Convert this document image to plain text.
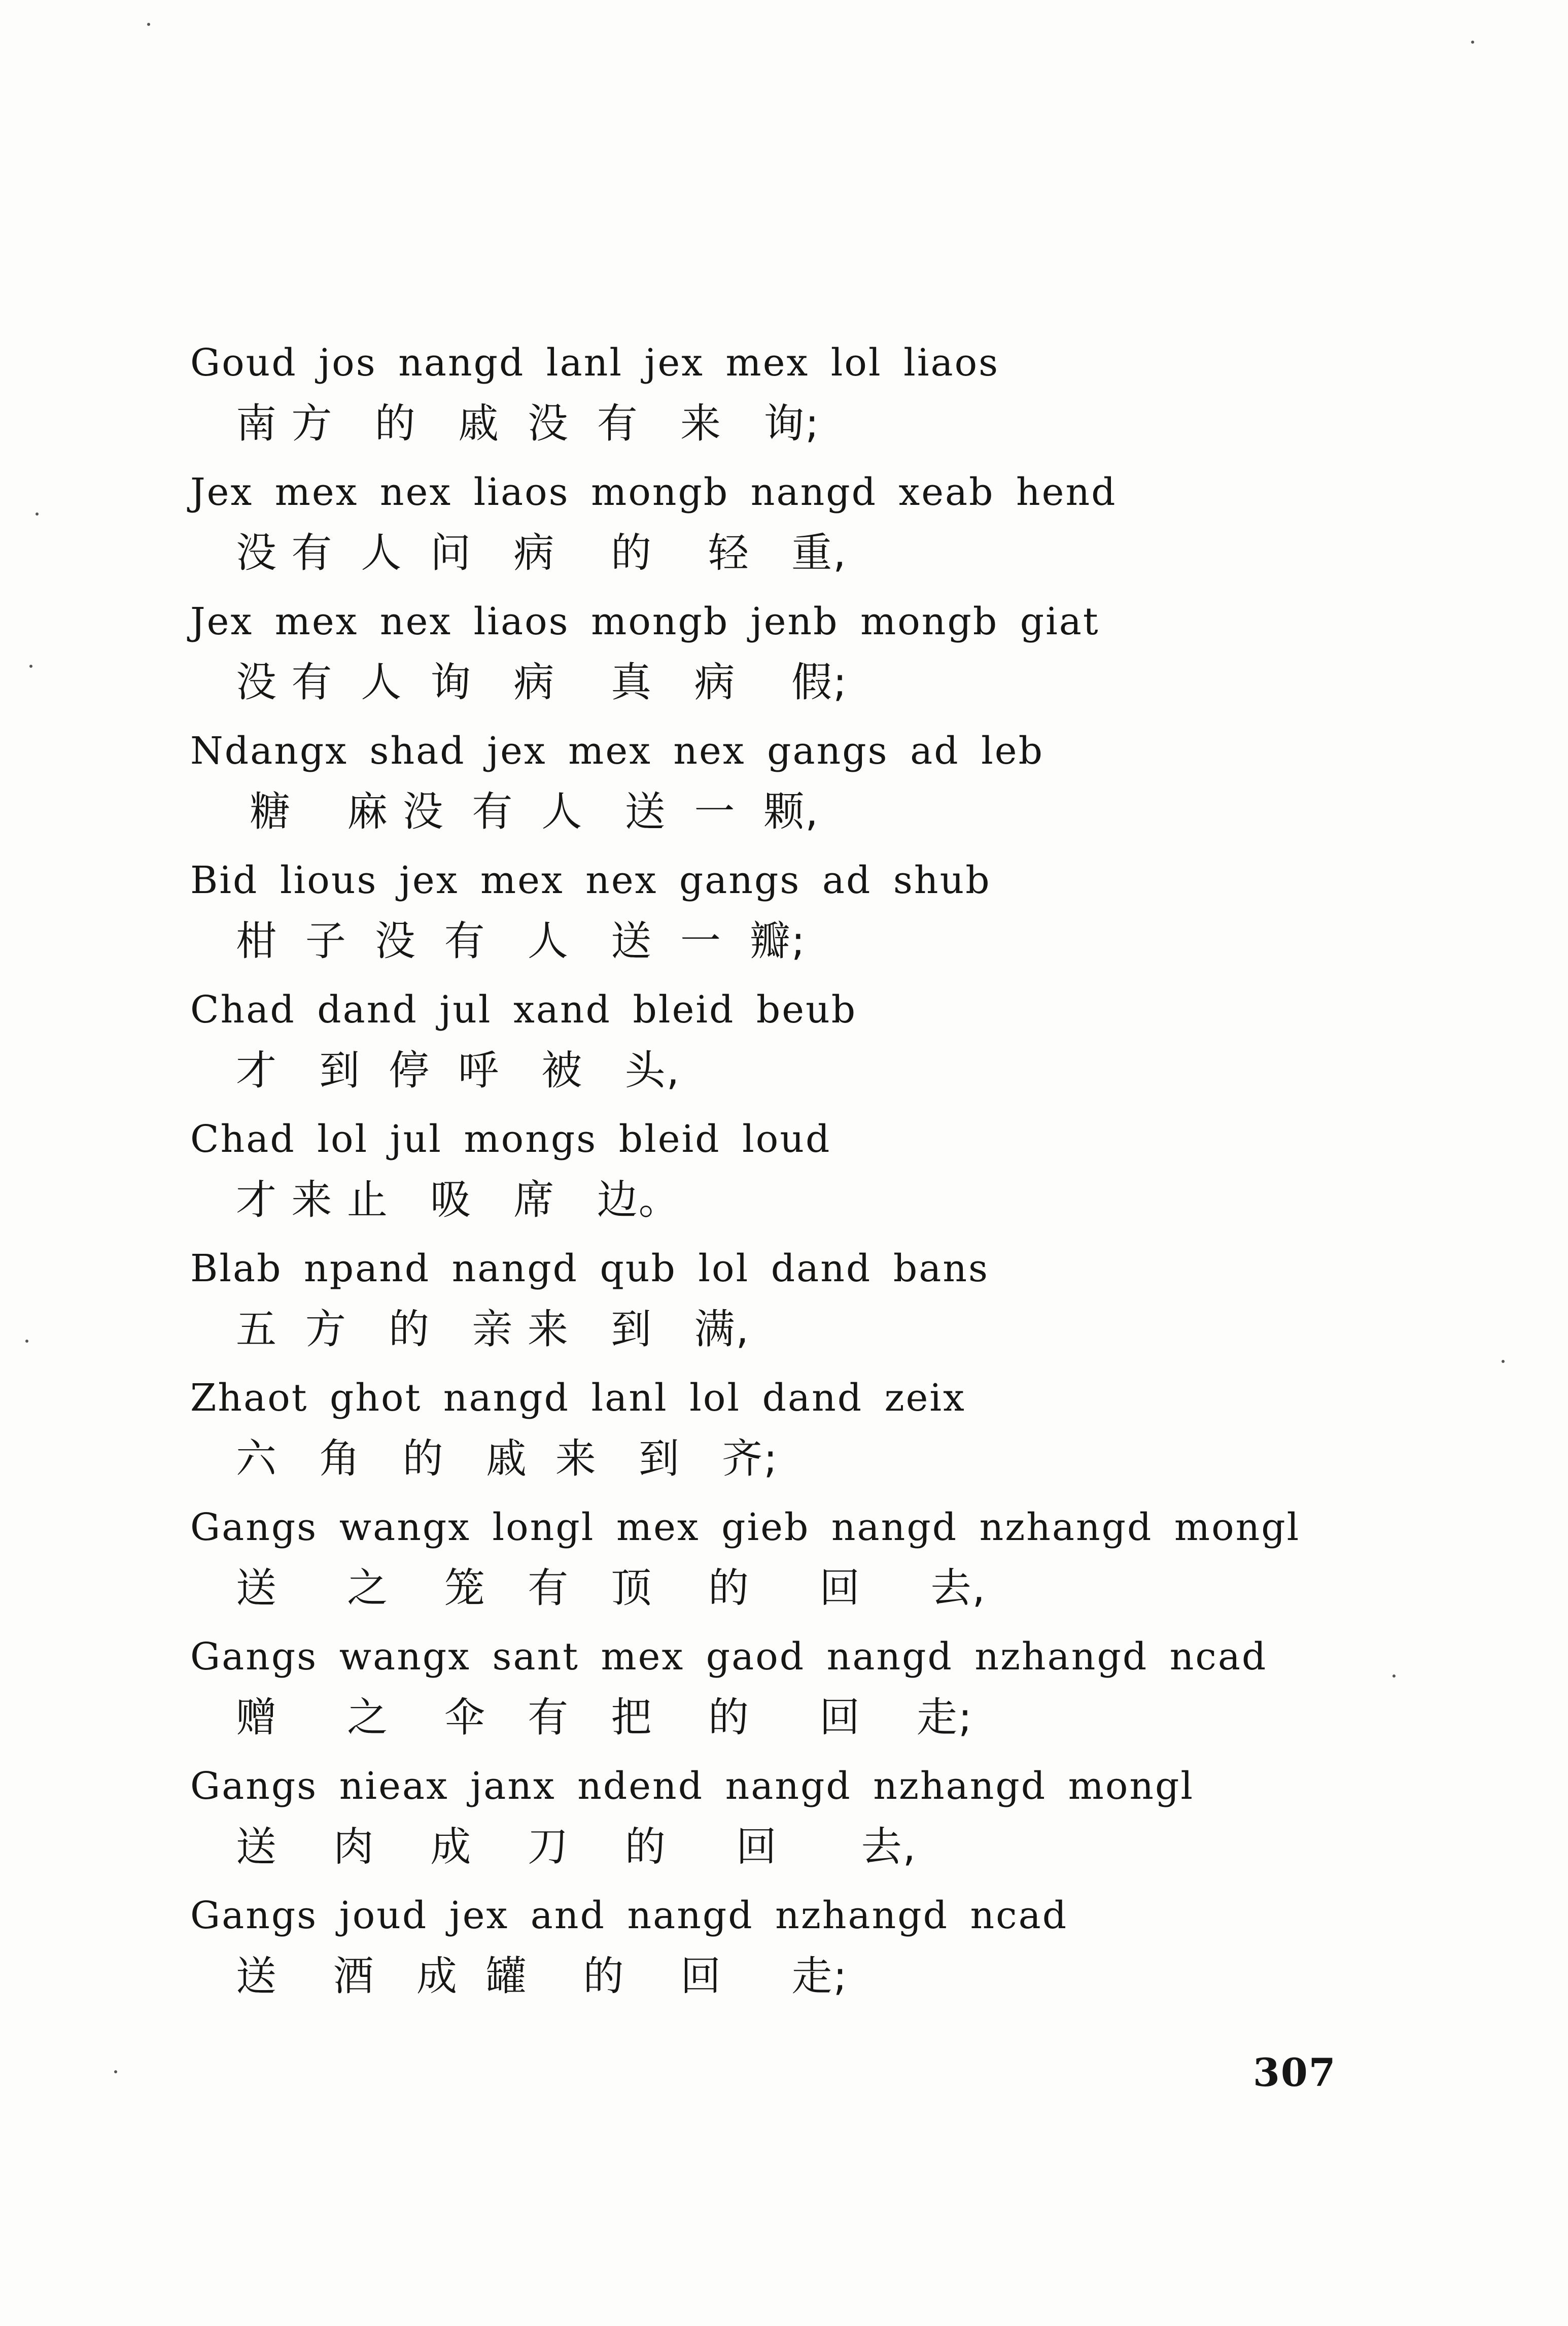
Goud jos nangd lanl jex mex lol liaos
南 方   的   戚  没  有   来   询;
Jex mex nex liaos mongb nangd xeab hend
没 有  人  问   病    的    轻   重,
Jex mex nex liaos mongb jenb mongb giat
没 有  人  询   病    真   病    假;
Ndangx shad jex mex nex gangs ad leb
糖    麻 没  有  人   送  一  颗,
Bid lious jex mex nex gangs ad shub
柑  子  没  有   人   送  一  瓣;
Chad dand jul xand bleid beub
才   到  停  呼   被   头,
Chad lol jul mongs bleid loud
才 来 止   吸   席   边。
Blab npand nangd qub lol dand bans
五  方   的   亲 来   到   满,
Zhaot ghot nangd lanl lol dand zeix
六   角   的   戚  来   到   齐;
Gangs wangx longl mex gieb nangd nzhangd mongl
送     之    笼   有   顶    的     回     去,
Gangs wangx sant mex gaod nangd nzhangd ncad
赠     之    伞   有   把    的     回    走;
Gangs nieax janx ndend nangd nzhangd mongl
送    肉    成    刀    的     回      去,
Gangs joud jex and nangd nzhangd ncad
送    酒   成  罐    的    回     走;
307
